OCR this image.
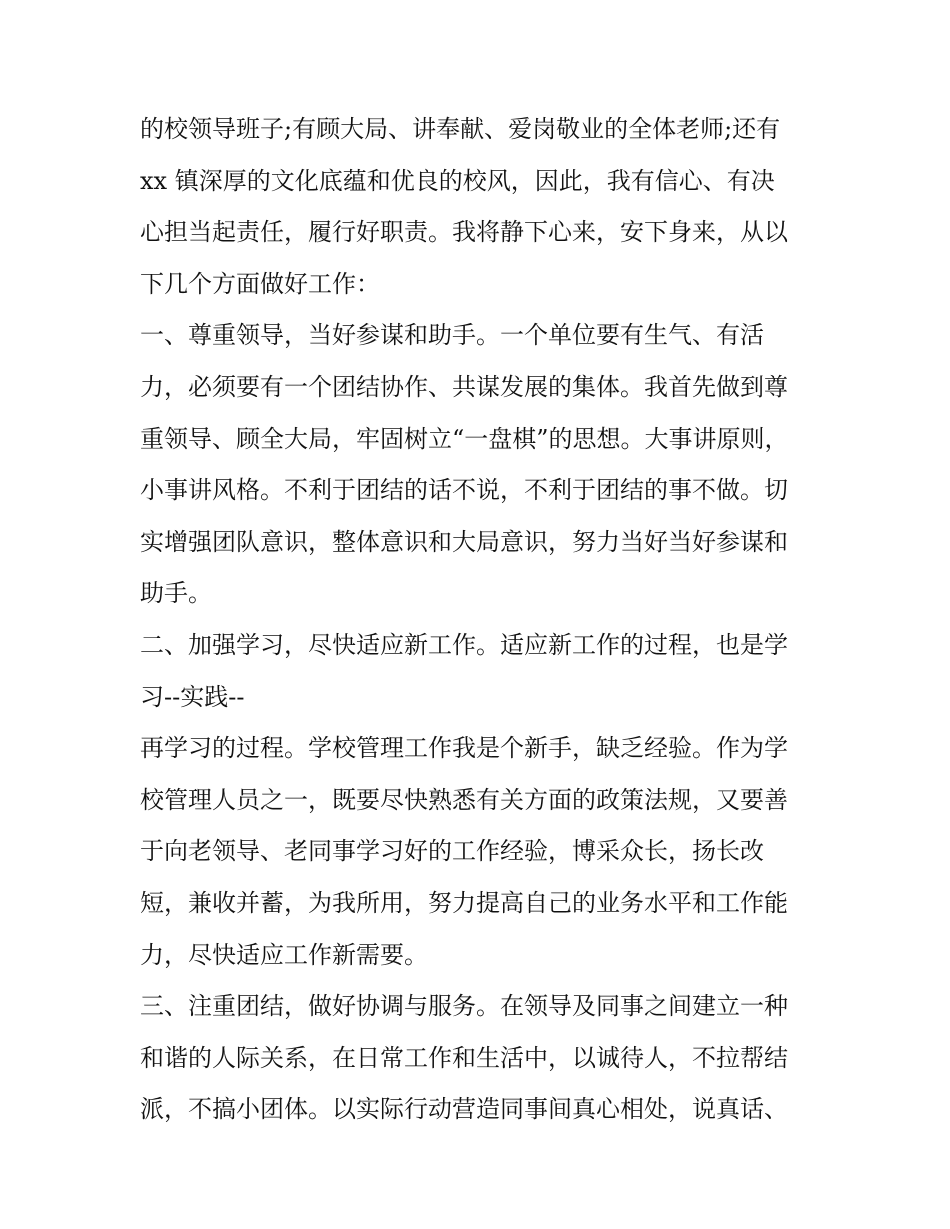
的校领导班子;有顾大局、讲奉献、爱岗敬业的全体老师;还有

xx 镇深厚的文化底蕴和优良的校风，因此，我有信心、有决

心担当起责任，履行好职责。我将静下心来，安下身来，从以

下几个方面做好工作：

一、尊重领导，当好参谋和助手。一个单位要有生气、有活

力，必须要有一个团结协作、共谋发展的集体。我首先做到尊

重领导、顾全大局，牢固树立“一盘棋”的思想。大事讲原则，

小事讲风格。不利于团结的话不说，不利于团结的事不做。切

实增强团队意识，整体意识和大局意识，努力当好当好参谋和

助手。

二、加强学习，尽快适应新工作。适应新工作的过程，也是学

习--实践--

再学习的过程。学校管理工作我是个新手，缺乏经验。作为学

校管理人员之一，既要尽快熟悉有关方面的政策法规，又要善

于向老领导、老同事学习好的工作经验，博采众长，扬长改

短，兼收并蓄，为我所用，努力提高自己的业务水平和工作能

力，尽快适应工作新需要。

三、注重团结，做好协调与服务。在领导及同事之间建立一种

和谐的人际关系，在日常工作和生活中，以诚待人，不拉帮结

派，不搞小团体。以实际行动营造同事间真心相处，说真话、
